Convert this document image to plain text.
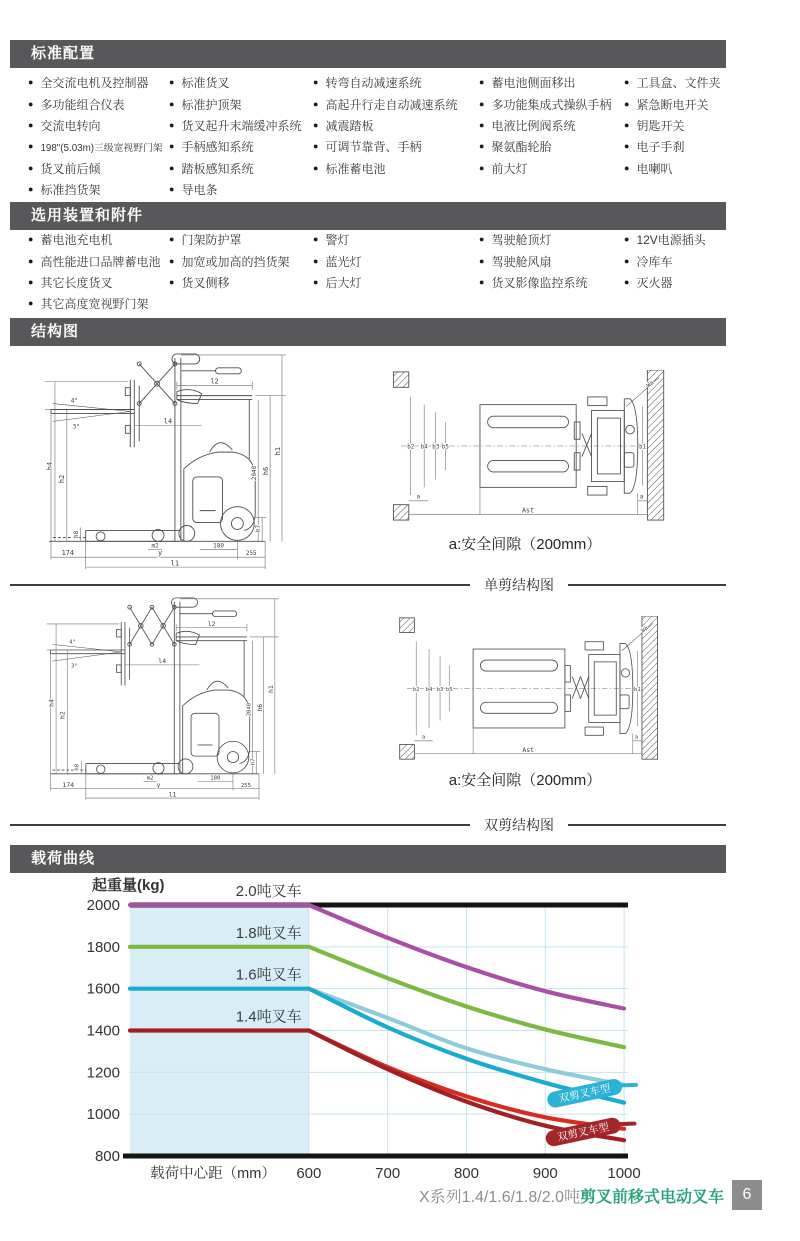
标准配置
选用装置和附件
结构图
载荷曲线
● 全交流电机及控制器
● 多功能组合仪表
● 交流电转向
● 198"(5.03m)三级宽视野门架
● 货叉前后倾
● 标准挡货架
● 标准货叉
● 标准护顶架
● 货叉起升末端缓冲系统
● 手柄感知系统
● 踏板感知系统
● 导电条
● 转弯自动减速系统
● 高起升行走自动减速系统
● 减震踏板
● 可调节靠背、手柄
● 标准蓄电池
● 蓄电池侧面移出
● 多功能集成式操纵手柄
● 电液比例阀系统
● 聚氨酯轮胎
● 前大灯
● 工具盒、文件夹
● 紧急断电开关
● 钥匙开关
● 电子手刹
● 电喇叭
● 蓄电池充电机
● 高性能进口品牌蓄电池
● 其它长度货叉
● 其它高度宽视野门架
● 门架防护罩
● 加宽或加高的挡货架
● 货叉侧移
● 警灯
● 蓝光灯
● 后大灯
● 驾驶舱顶灯
● 驾驶舱风扇
● 货叉影像监控系统
● 12V电源插头
● 冷库车
● 灭火器
h4
h2
4°
3°
l4
l2
2040 h6
h1
h7
h8
m2	180
174	y	255
l1
b2 b4 b3 b5	b1
Wa
Ast
a	a
a:安全间隙（200mm）
单剪结构图
h4
h2
4°
3°
l4
l2
2040 h6
h1
h7
h8
m2	180
174	y	255
l1
b2 b4 b3 b5	b1
Wa
Ast
a	a
a:安全间隙（200mm）
双剪结构图
2.0吨叉车
1.8吨叉车
1.6吨叉车
1.4吨叉车
双剪叉车型
双剪叉车型
600	700	800	900	1000
800
1000
1200
1400
1600
1800
2000
载荷中心距（mm）
起重量(kg)
X系列1.4/1.6/1.8/2.0吨 剪叉前移式电动叉车	6
